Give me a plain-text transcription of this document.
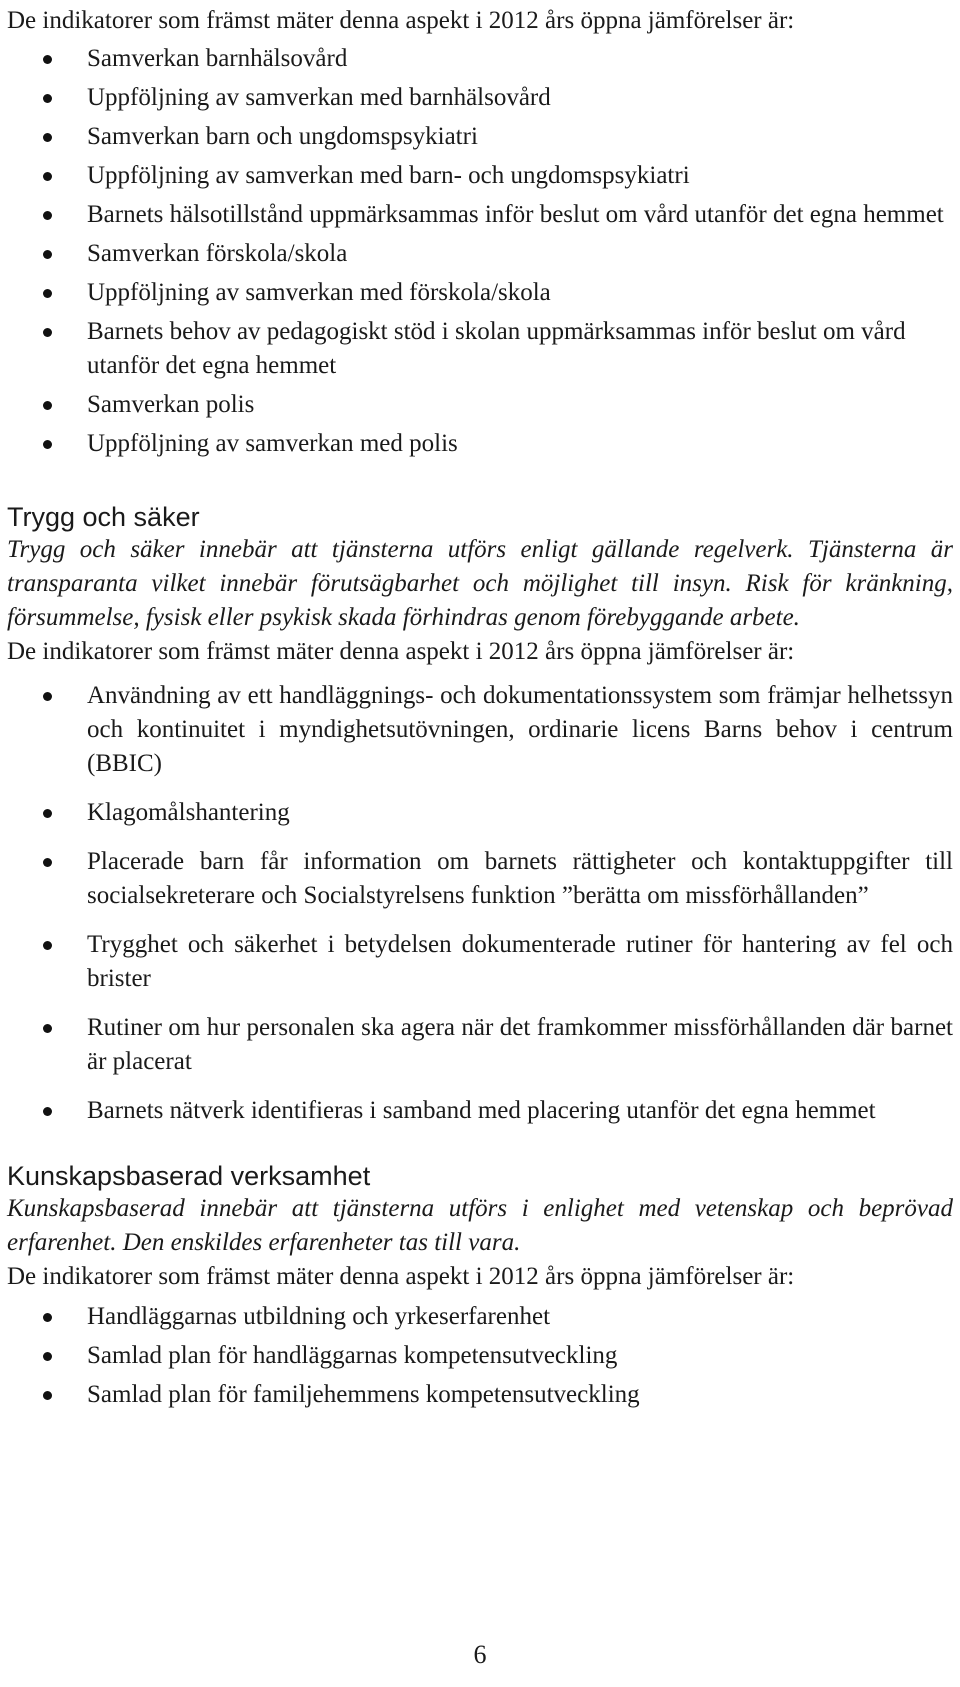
De indikatorer som främst mäter denna aspekt i 2012 års öppna jämförelser är:

Samverkan barnhälsovård
Uppföljning av samverkan med barnhälsovård
Samverkan barn och ungdomspsykiatri
Uppföljning av samverkan med barn- och ungdomspsykiatri
Barnets hälsotillstånd uppmärksammas inför beslut om vård utanför det egna hemmet
Samverkan förskola/skola
Uppföljning av samverkan med förskola/skola
Barnets behov av pedagogiskt stöd i skolan uppmärksammas inför beslut om vård utanför det egna hemmet
Samverkan polis
Uppföljning av samverkan med polis
Trygg och säker

Trygg och säker innebär att tjänsterna utförs enligt gällande regelverk. Tjänsterna är transparanta vilket innebär förutsägbarhet och möjlighet till insyn. Risk för kränkning, försummelse, fysisk eller psykisk skada förhindras genom förebyggande arbete.

De indikatorer som främst mäter denna aspekt i 2012 års öppna jämförelser är:

Användning av ett handläggnings- och dokumentationssystem som främjar helhetssyn och kontinuitet i myndighetsutövningen, ordinarie licens Barns behov i centrum (BBIC)
Klagomålshantering
Placerade barn får information om barnets rättigheter och kontaktuppgifter till socialsekreterare och Socialstyrelsens funktion ”berätta om missförhållanden”
Trygghet och säkerhet i betydelsen dokumenterade rutiner för hantering av fel och brister
Rutiner om hur personalen ska agera när det framkommer missförhållanden där barnet är placerat
Barnets nätverk identifieras i samband med placering utanför det egna hemmet
Kunskapsbaserad verksamhet

Kunskapsbaserad innebär att tjänsterna utförs i enlighet med vetenskap och beprövad erfarenhet. Den enskildes erfarenheter tas till vara.

De indikatorer som främst mäter denna aspekt i 2012 års öppna jämförelser är:

Handläggarnas utbildning och yrkeserfarenhet
Samlad plan för handläggarnas kompetensutveckling
Samlad plan för familjehemmens kompetensutveckling
6
